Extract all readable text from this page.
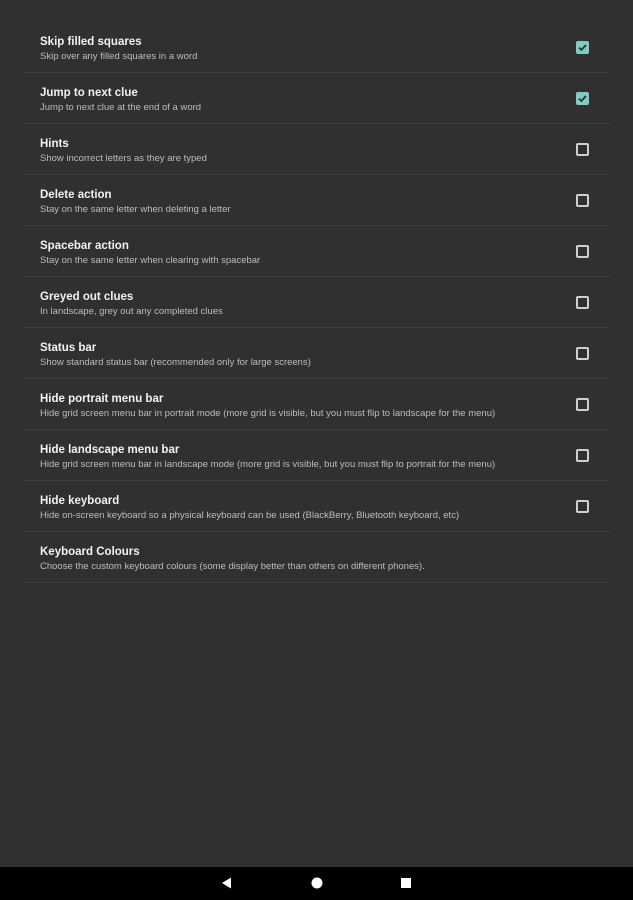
Skip filled squares
Skip over any filled squares in a word
Jump to next clue
Jump to next clue at the end of a word
Hints
Show incorrect letters as they are typed
Delete action
Stay on the same letter when deleting a letter
Spacebar action
Stay on the same letter when clearing with spacebar
Greyed out clues
In landscape, grey out any completed clues
Status bar
Show standard status bar (recommended only for large screens)
Hide portrait menu bar
Hide grid screen menu bar in portrait mode (more grid is visible, but you must flip to landscape for the menu)
Hide landscape menu bar
Hide grid screen menu bar in landscape mode (more grid is visible, but you must flip to portrait for the menu)
Hide keyboard
Hide on-screen keyboard so a physical keyboard can be used (BlackBerry, Bluetooth keyboard, etc)
Keyboard Colours
Choose the custom keyboard colours (some display better than others on different phones).
